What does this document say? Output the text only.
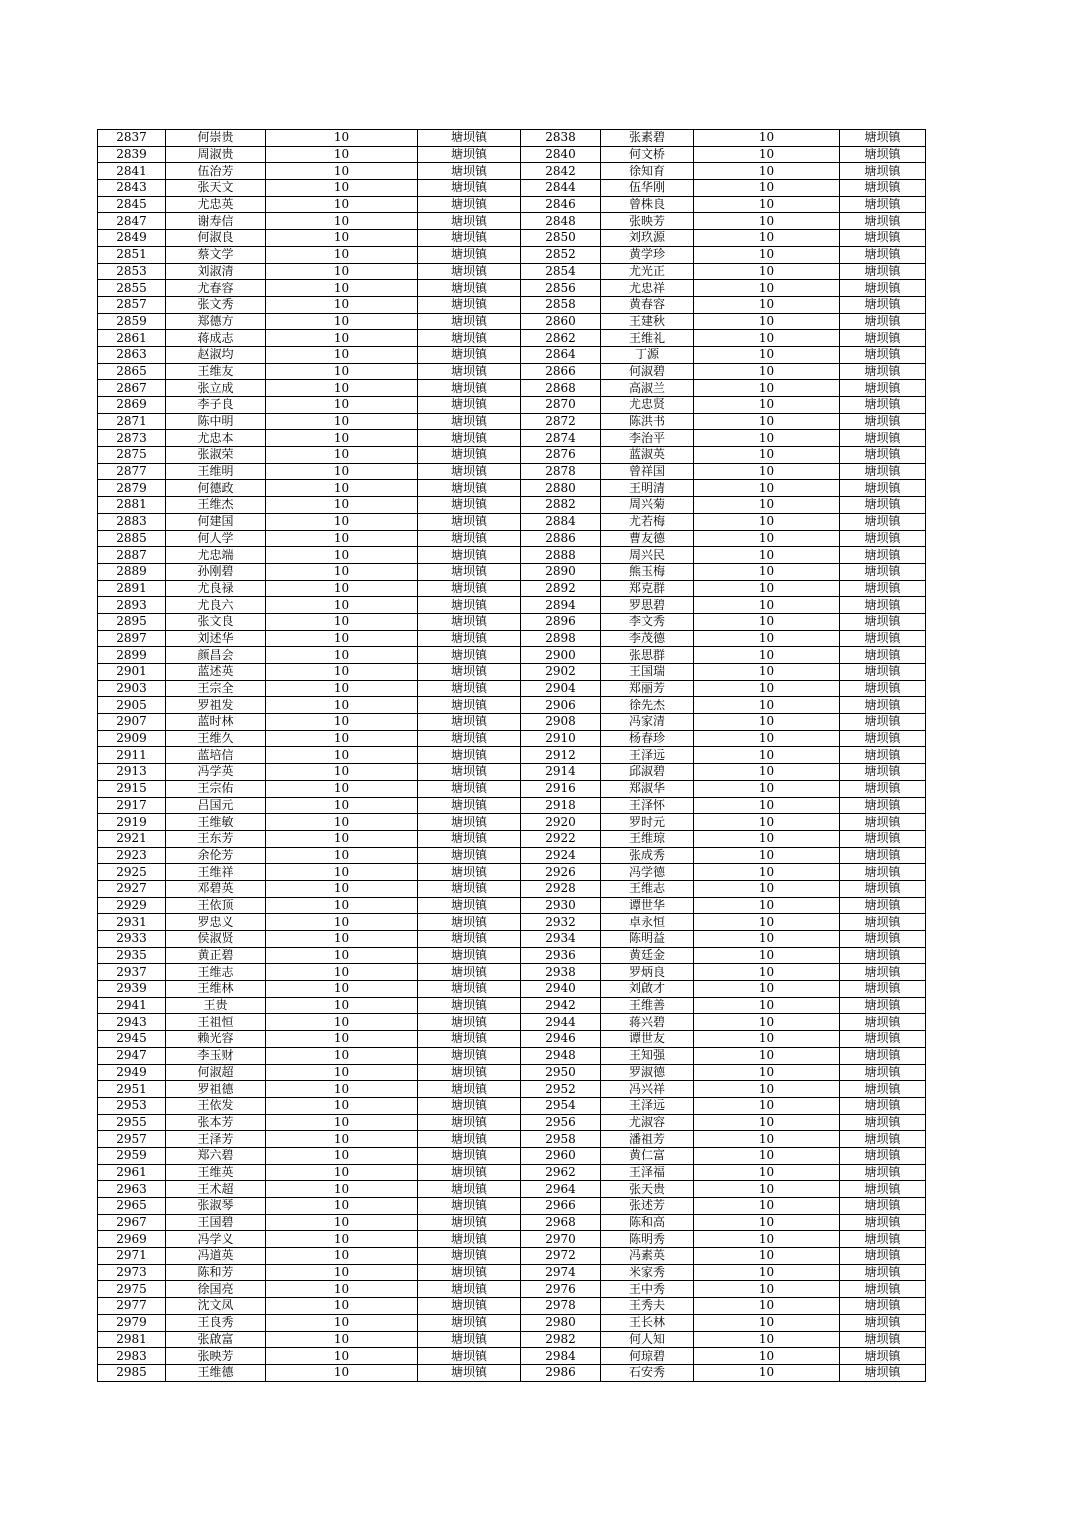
2837	何崇贵	10	塘坝镇	2838	张素碧	10	塘坝镇
2839	周淑贵	10	塘坝镇	2840	何文桥	10	塘坝镇
2841	伍治芳	10	塘坝镇	2842	徐知育	10	塘坝镇
2843	张天文	10	塘坝镇	2844	伍华刚	10	塘坝镇
2845	尤忠英	10	塘坝镇	2846	曾株良	10	塘坝镇
2847	谢寿信	10	塘坝镇	2848	张映芳	10	塘坝镇
2849	何淑良	10	塘坝镇	2850	刘玖源	10	塘坝镇
2851	蔡文学	10	塘坝镇	2852	黄学珍	10	塘坝镇
2853	刘淑清	10	塘坝镇	2854	尤光正	10	塘坝镇
2855	尤春容	10	塘坝镇	2856	尤忠祥	10	塘坝镇
2857	张文秀	10	塘坝镇	2858	黄春容	10	塘坝镇
2859	郑德方	10	塘坝镇	2860	王建秋	10	塘坝镇
2861	蒋成志	10	塘坝镇	2862	王维礼	10	塘坝镇
2863	赵淑均	10	塘坝镇	2864	丁源	10	塘坝镇
2865	王维友	10	塘坝镇	2866	何淑碧	10	塘坝镇
2867	张立成	10	塘坝镇	2868	高淑兰	10	塘坝镇
2869	李子良	10	塘坝镇	2870	尤忠贤	10	塘坝镇
2871	陈中明	10	塘坝镇	2872	陈洪书	10	塘坝镇
2873	尤忠本	10	塘坝镇	2874	李治平	10	塘坝镇
2875	张淑荣	10	塘坝镇	2876	蓝淑英	10	塘坝镇
2877	王维明	10	塘坝镇	2878	曾祥国	10	塘坝镇
2879	何德政	10	塘坝镇	2880	王明清	10	塘坝镇
2881	王维杰	10	塘坝镇	2882	周兴菊	10	塘坝镇
2883	何建国	10	塘坝镇	2884	尤若梅	10	塘坝镇
2885	何人学	10	塘坝镇	2886	曹友德	10	塘坝镇
2887	尤忠端	10	塘坝镇	2888	周兴民	10	塘坝镇
2889	孙刚碧	10	塘坝镇	2890	熊玉梅	10	塘坝镇
2891	尤良禄	10	塘坝镇	2892	郑克群	10	塘坝镇
2893	尤良六	10	塘坝镇	2894	罗思碧	10	塘坝镇
2895	张文良	10	塘坝镇	2896	李文秀	10	塘坝镇
2897	刘述华	10	塘坝镇	2898	李茂德	10	塘坝镇
2899	颜昌会	10	塘坝镇	2900	张思群	10	塘坝镇
2901	蓝述英	10	塘坝镇	2902	王国瑞	10	塘坝镇
2903	王宗全	10	塘坝镇	2904	郑丽芳	10	塘坝镇
2905	罗祖发	10	塘坝镇	2906	徐先杰	10	塘坝镇
2907	蓝时林	10	塘坝镇	2908	冯家清	10	塘坝镇
2909	王维久	10	塘坝镇	2910	杨春珍	10	塘坝镇
2911	蓝培信	10	塘坝镇	2912	王泽远	10	塘坝镇
2913	冯学英	10	塘坝镇	2914	邱淑碧	10	塘坝镇
2915	王宗佑	10	塘坝镇	2916	郑淑华	10	塘坝镇
2917	吕国元	10	塘坝镇	2918	王泽怀	10	塘坝镇
2919	王维敏	10	塘坝镇	2920	罗时元	10	塘坝镇
2921	王东芳	10	塘坝镇	2922	王维琼	10	塘坝镇
2923	余伦芳	10	塘坝镇	2924	张成秀	10	塘坝镇
2925	王维祥	10	塘坝镇	2926	冯学德	10	塘坝镇
2927	邓碧英	10	塘坝镇	2928	王维志	10	塘坝镇
2929	王依顶	10	塘坝镇	2930	谭世华	10	塘坝镇
2931	罗忠义	10	塘坝镇	2932	卓永恒	10	塘坝镇
2933	侯淑贤	10	塘坝镇	2934	陈明益	10	塘坝镇
2935	黄正碧	10	塘坝镇	2936	黄廷金	10	塘坝镇
2937	王维志	10	塘坝镇	2938	罗炳良	10	塘坝镇
2939	王维林	10	塘坝镇	2940	刘啟才	10	塘坝镇
2941	王贵	10	塘坝镇	2942	王维善	10	塘坝镇
2943	王祖恒	10	塘坝镇	2944	蒋兴碧	10	塘坝镇
2945	赖光容	10	塘坝镇	2946	谭世友	10	塘坝镇
2947	李玉财	10	塘坝镇	2948	王知强	10	塘坝镇
2949	何淑超	10	塘坝镇	2950	罗淑德	10	塘坝镇
2951	罗祖德	10	塘坝镇	2952	冯兴祥	10	塘坝镇
2953	王依发	10	塘坝镇	2954	王泽远	10	塘坝镇
2955	张本芳	10	塘坝镇	2956	尤淑容	10	塘坝镇
2957	王泽芳	10	塘坝镇	2958	潘祖芳	10	塘坝镇
2959	郑六碧	10	塘坝镇	2960	黄仁富	10	塘坝镇
2961	王维英	10	塘坝镇	2962	王泽福	10	塘坝镇
2963	王术超	10	塘坝镇	2964	张天贵	10	塘坝镇
2965	张淑琴	10	塘坝镇	2966	张述芳	10	塘坝镇
2967	王国碧	10	塘坝镇	2968	陈和高	10	塘坝镇
2969	冯学义	10	塘坝镇	2970	陈明秀	10	塘坝镇
2971	冯道英	10	塘坝镇	2972	冯素英	10	塘坝镇
2973	陈和芳	10	塘坝镇	2974	米家秀	10	塘坝镇
2975	徐国亮	10	塘坝镇	2976	王中秀	10	塘坝镇
2977	沈文凤	10	塘坝镇	2978	王秀夫	10	塘坝镇
2979	王良秀	10	塘坝镇	2980	王长林	10	塘坝镇
2981	张啟富	10	塘坝镇	2982	何人知	10	塘坝镇
2983	张映芳	10	塘坝镇	2984	何琼碧	10	塘坝镇
2985	王维德	10	塘坝镇	2986	石安秀	10	塘坝镇
